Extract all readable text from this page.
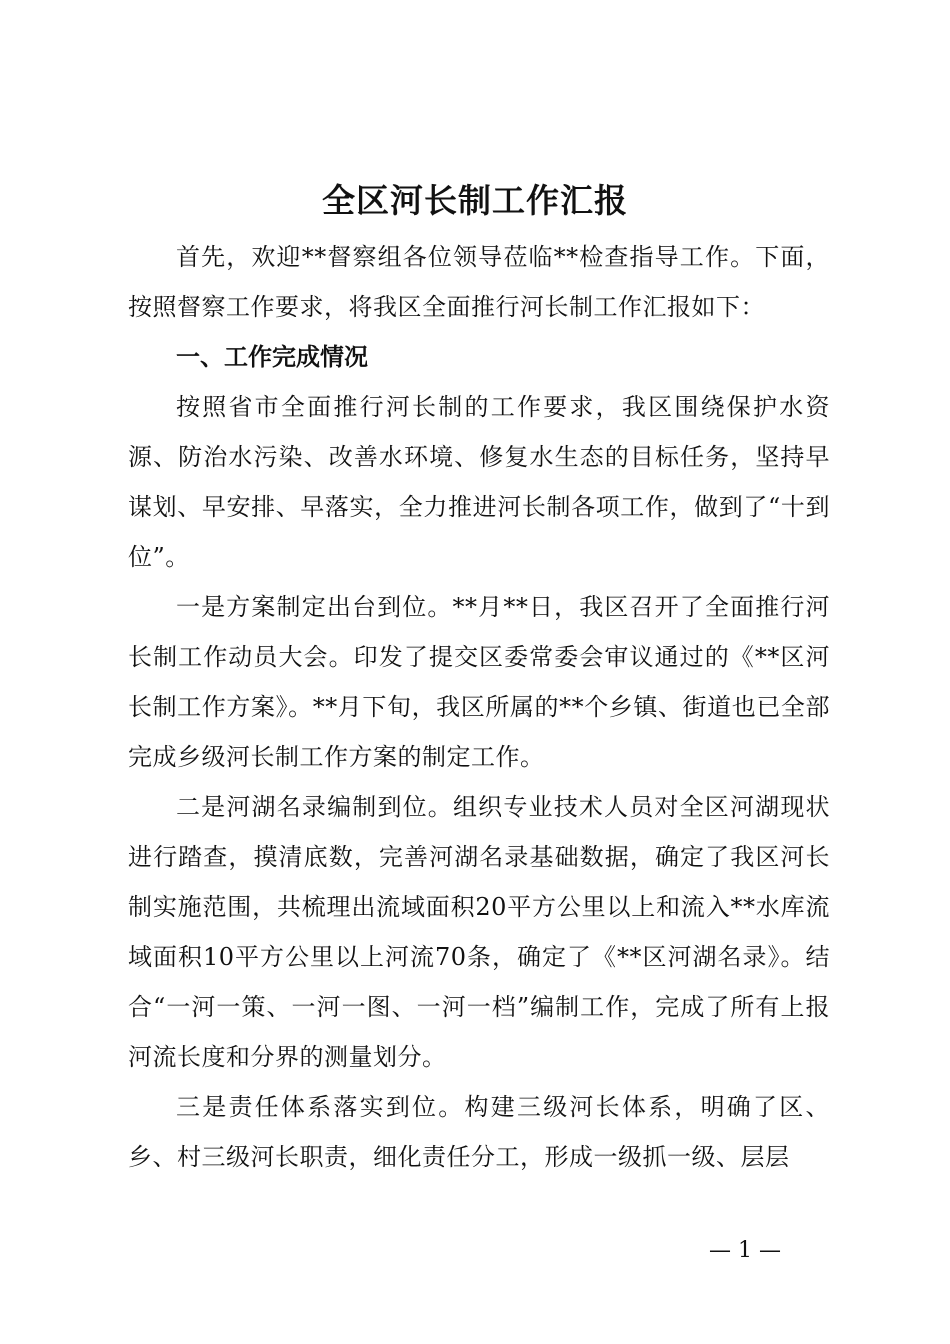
全区河长制工作汇报

首先，欢迎**督察组各位领导莅临**检查指导工作。下面，按照督察工作要求，将我区全面推行河长制工作汇报如下：

一、工作完成情况

按照省市全面推行河长制的工作要求，我区围绕保护水资源、防治水污染、改善水环境、修复水生态的目标任务，坚持早谋划、早安排、早落实，全力推进河长制各项工作，做到了“十到位”。

一是方案制定出台到位。**月**日，我区召开了全面推行河长制工作动员大会。印发了提交区委常委会审议通过的《**区河长制工作方案》。**月下旬，我区所属的**个乡镇、街道也已全部完成乡级河长制工作方案的制定工作。

二是河湖名录编制到位。组织专业技术人员对全区河湖现状进行踏查，摸清底数，完善河湖名录基础数据，确定了我区河长制实施范围，共梳理出流域面积20平方公里以上和流入**水库流域面积10平方公里以上河流70条，确定了《**区河湖名录》。结合“一河一策、一河一图、一河一档”编制工作，完成了所有上报河流长度和分界的测量划分。

三是责任体系落实到位。构建三级河长体系，明确了区、乡、村三级河长职责，细化责任分工，形成一级抓一级、层层

— 1 —
